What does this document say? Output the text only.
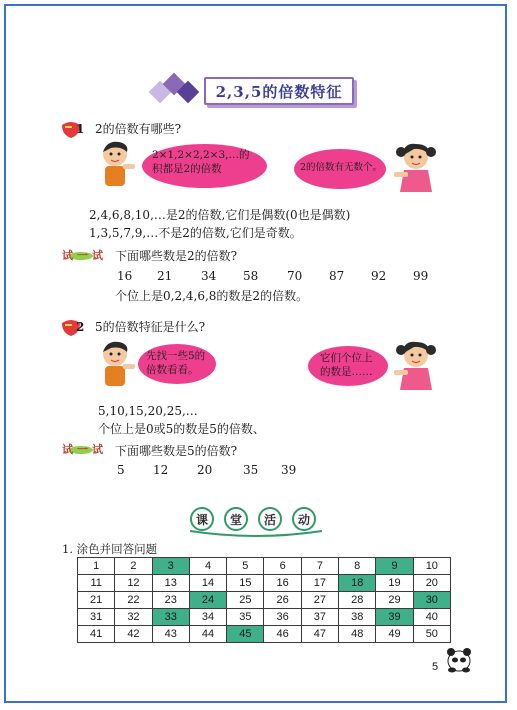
2,3,5的倍数特征
1 2的倍数有哪些?
2×1,2×2,2×3,…的积都是2的倍数	2的倍数有无数个。
2,4,6,8,10,…是2的倍数,它们是偶数(0也是偶数)
1,3,5,7,9,…不是2的倍数,它们是奇数。
试一试 下面哪些数是2的倍数?
16 21 34 58 70 87 92 99
个位上是0,2,4,6,8的数是2的倍数。
2 5的倍数特征是什么?
先找一些5的倍数看看。
它们个位上的数是……
5,10,15,20,25,…
个位上是0或5的数是5的倍数、
试一试 下面哪些数是5的倍数?
5 12 20	35 39
课	堂	活	动
1. 涂色并回答问题
1	2	3	4	5	6	7	8	9	10
11	12	13	14	15	16	17	18	19	20
21	22	23	24	25	26	27	28	29	30
31	32	33	34	35	36	37	38	39	40
41	42	43	44	45	46	47	48	49	50
5
